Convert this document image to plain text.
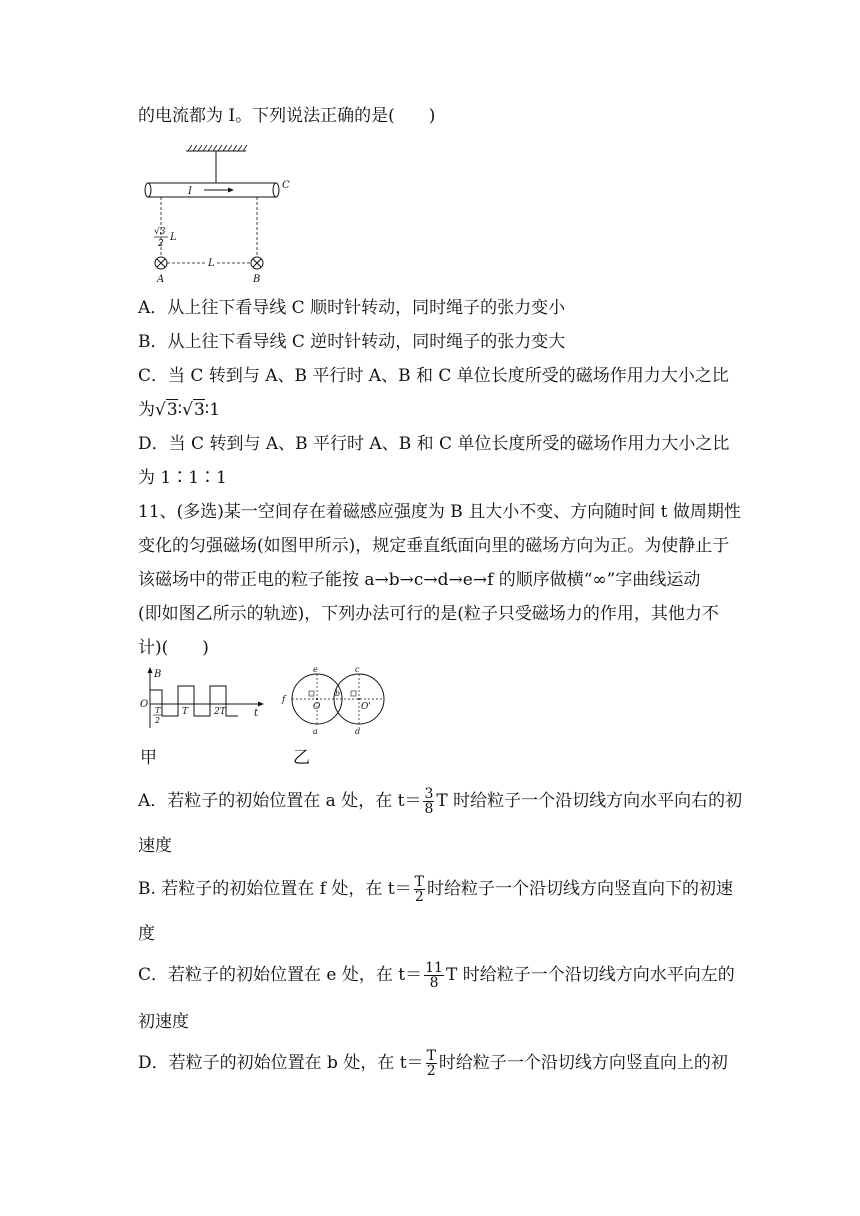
的电流都为 I。下列说法正确的是(　　)
I
C
√3
2
L
L
A	B
A．从上往下看导线 C 顺时针转动，同时绳子的张力变小
B．从上往下看导线 C 逆时针转动，同时绳子的张力变大
C．当 C 转到与 A、B 平行时 A、B 和 C 单位长度所受的磁场作用力大小之比
为√3∶√3∶1
D．当 C 转到与 A、B 平行时 A、B 和 C 单位长度所受的磁场作用力大小之比
为 1∶1∶1
11、(多选)某一空间存在着磁感应强度为 B 且大小不变、方向随时间 t 做周期性
变化的匀强磁场(如图甲所示)，规定垂直纸面向里的磁场方向为正。为使静止于
该磁场中的带正电的粒子能按 a→b→c→d→e→f 的顺序做横“∞”字曲线运动
(即如图乙所示的轨迹)，下列办法可行的是(粒子只受磁场力的作用，其他力不
计)(　　)
B
O
t
T
2
T	2T
e	c
f
b
O	O'
a	d
甲	乙
A．若粒子的初始位置在 a 处，在 $t= \frac{3}{8}$ T 时给粒子一个沿切线方向水平向右的初
速度
B. 若粒子的初始位置在 f 处，在 $t= \frac{T}{2}$ 时给粒子一个沿切线方向竖直向下的初速
度
C．若粒子的初始位置在 e 处，在 $t= \frac{11}{8}$ T 时给粒子一个沿切线方向水平向左的
初速度
D．若粒子的初始位置在 b 处，在 $t= \frac{T}{2}$ 时给粒子一个沿切线方向竖直向上的初
